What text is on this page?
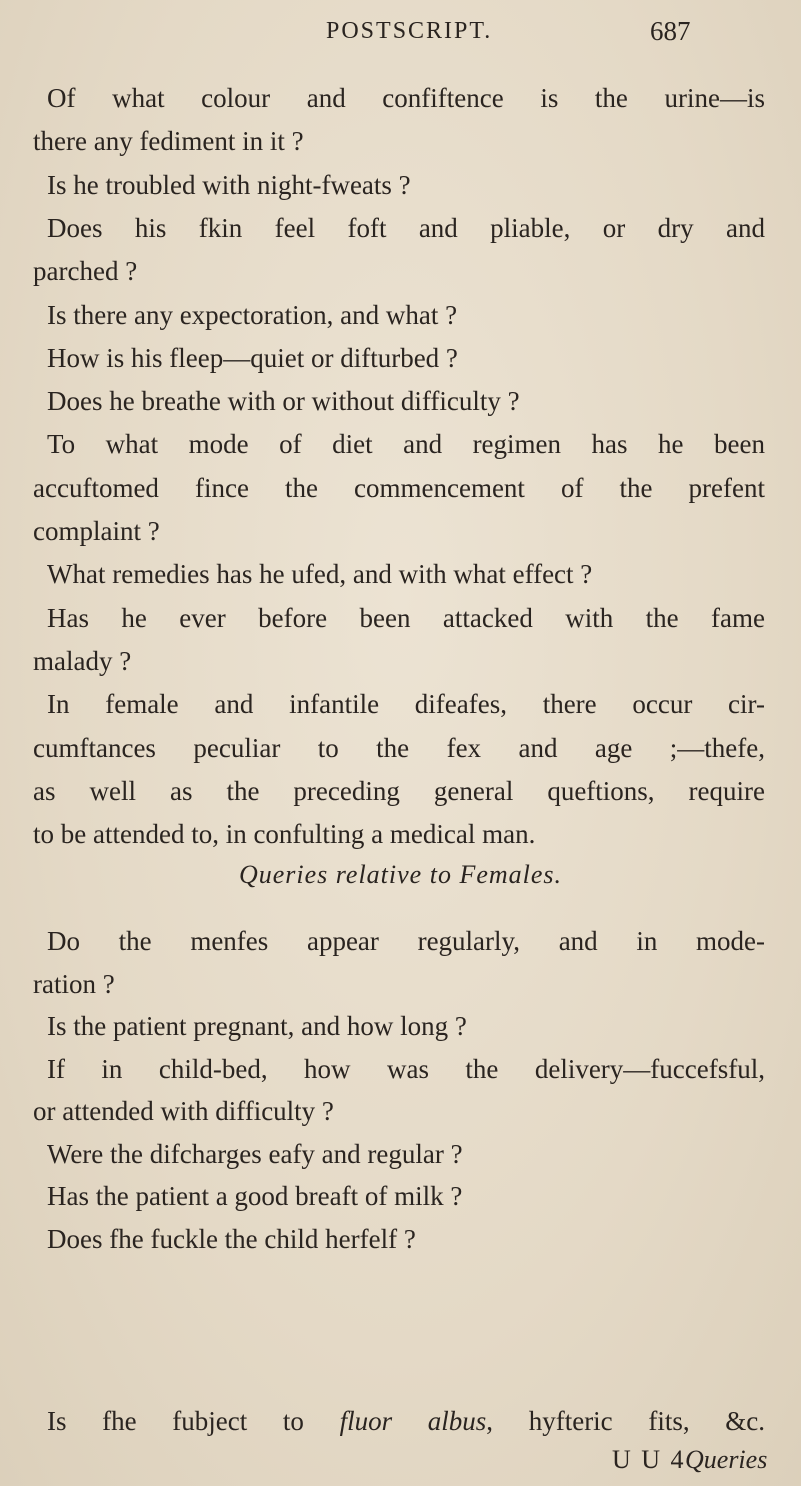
POSTSCRIPT.	687
Of what colour and confiftence is the urine—is
there any fediment in it ?
Is he troubled with night-fweats ?
Does his fkin feel foft and pliable, or dry and
parched ?
Is there any expectoration, and what ?
How is his fleep—quiet or difturbed ?
Does he breathe with or without difficulty ?
To what mode of diet and regimen has he been
accuftomed fince the commencement of the prefent
complaint ?
What remedies has he ufed, and with what effect ?
Has he ever before been attacked with the fame
malady ?
In female and infantile difeafes, there occur cir-
cumftances peculiar to the fex and age ;—thefe,
as well as the preceding general queftions, require
to be attended to, in confulting a medical man.
Queries relative to Females.
Do the menfes appear regularly, and in mode-
ration ?
Is the patient pregnant, and how long ?
If in child-bed, how was the delivery—fuccefsful,
or attended with difficulty ?
Were the difcharges eafy and regular ?
Has the patient a good breaft of milk ?
Does fhe fuckle the child herfelf ?
Is fhe fubject to fluor albus, hyfteric fits, &c.
U U 4 Queries
